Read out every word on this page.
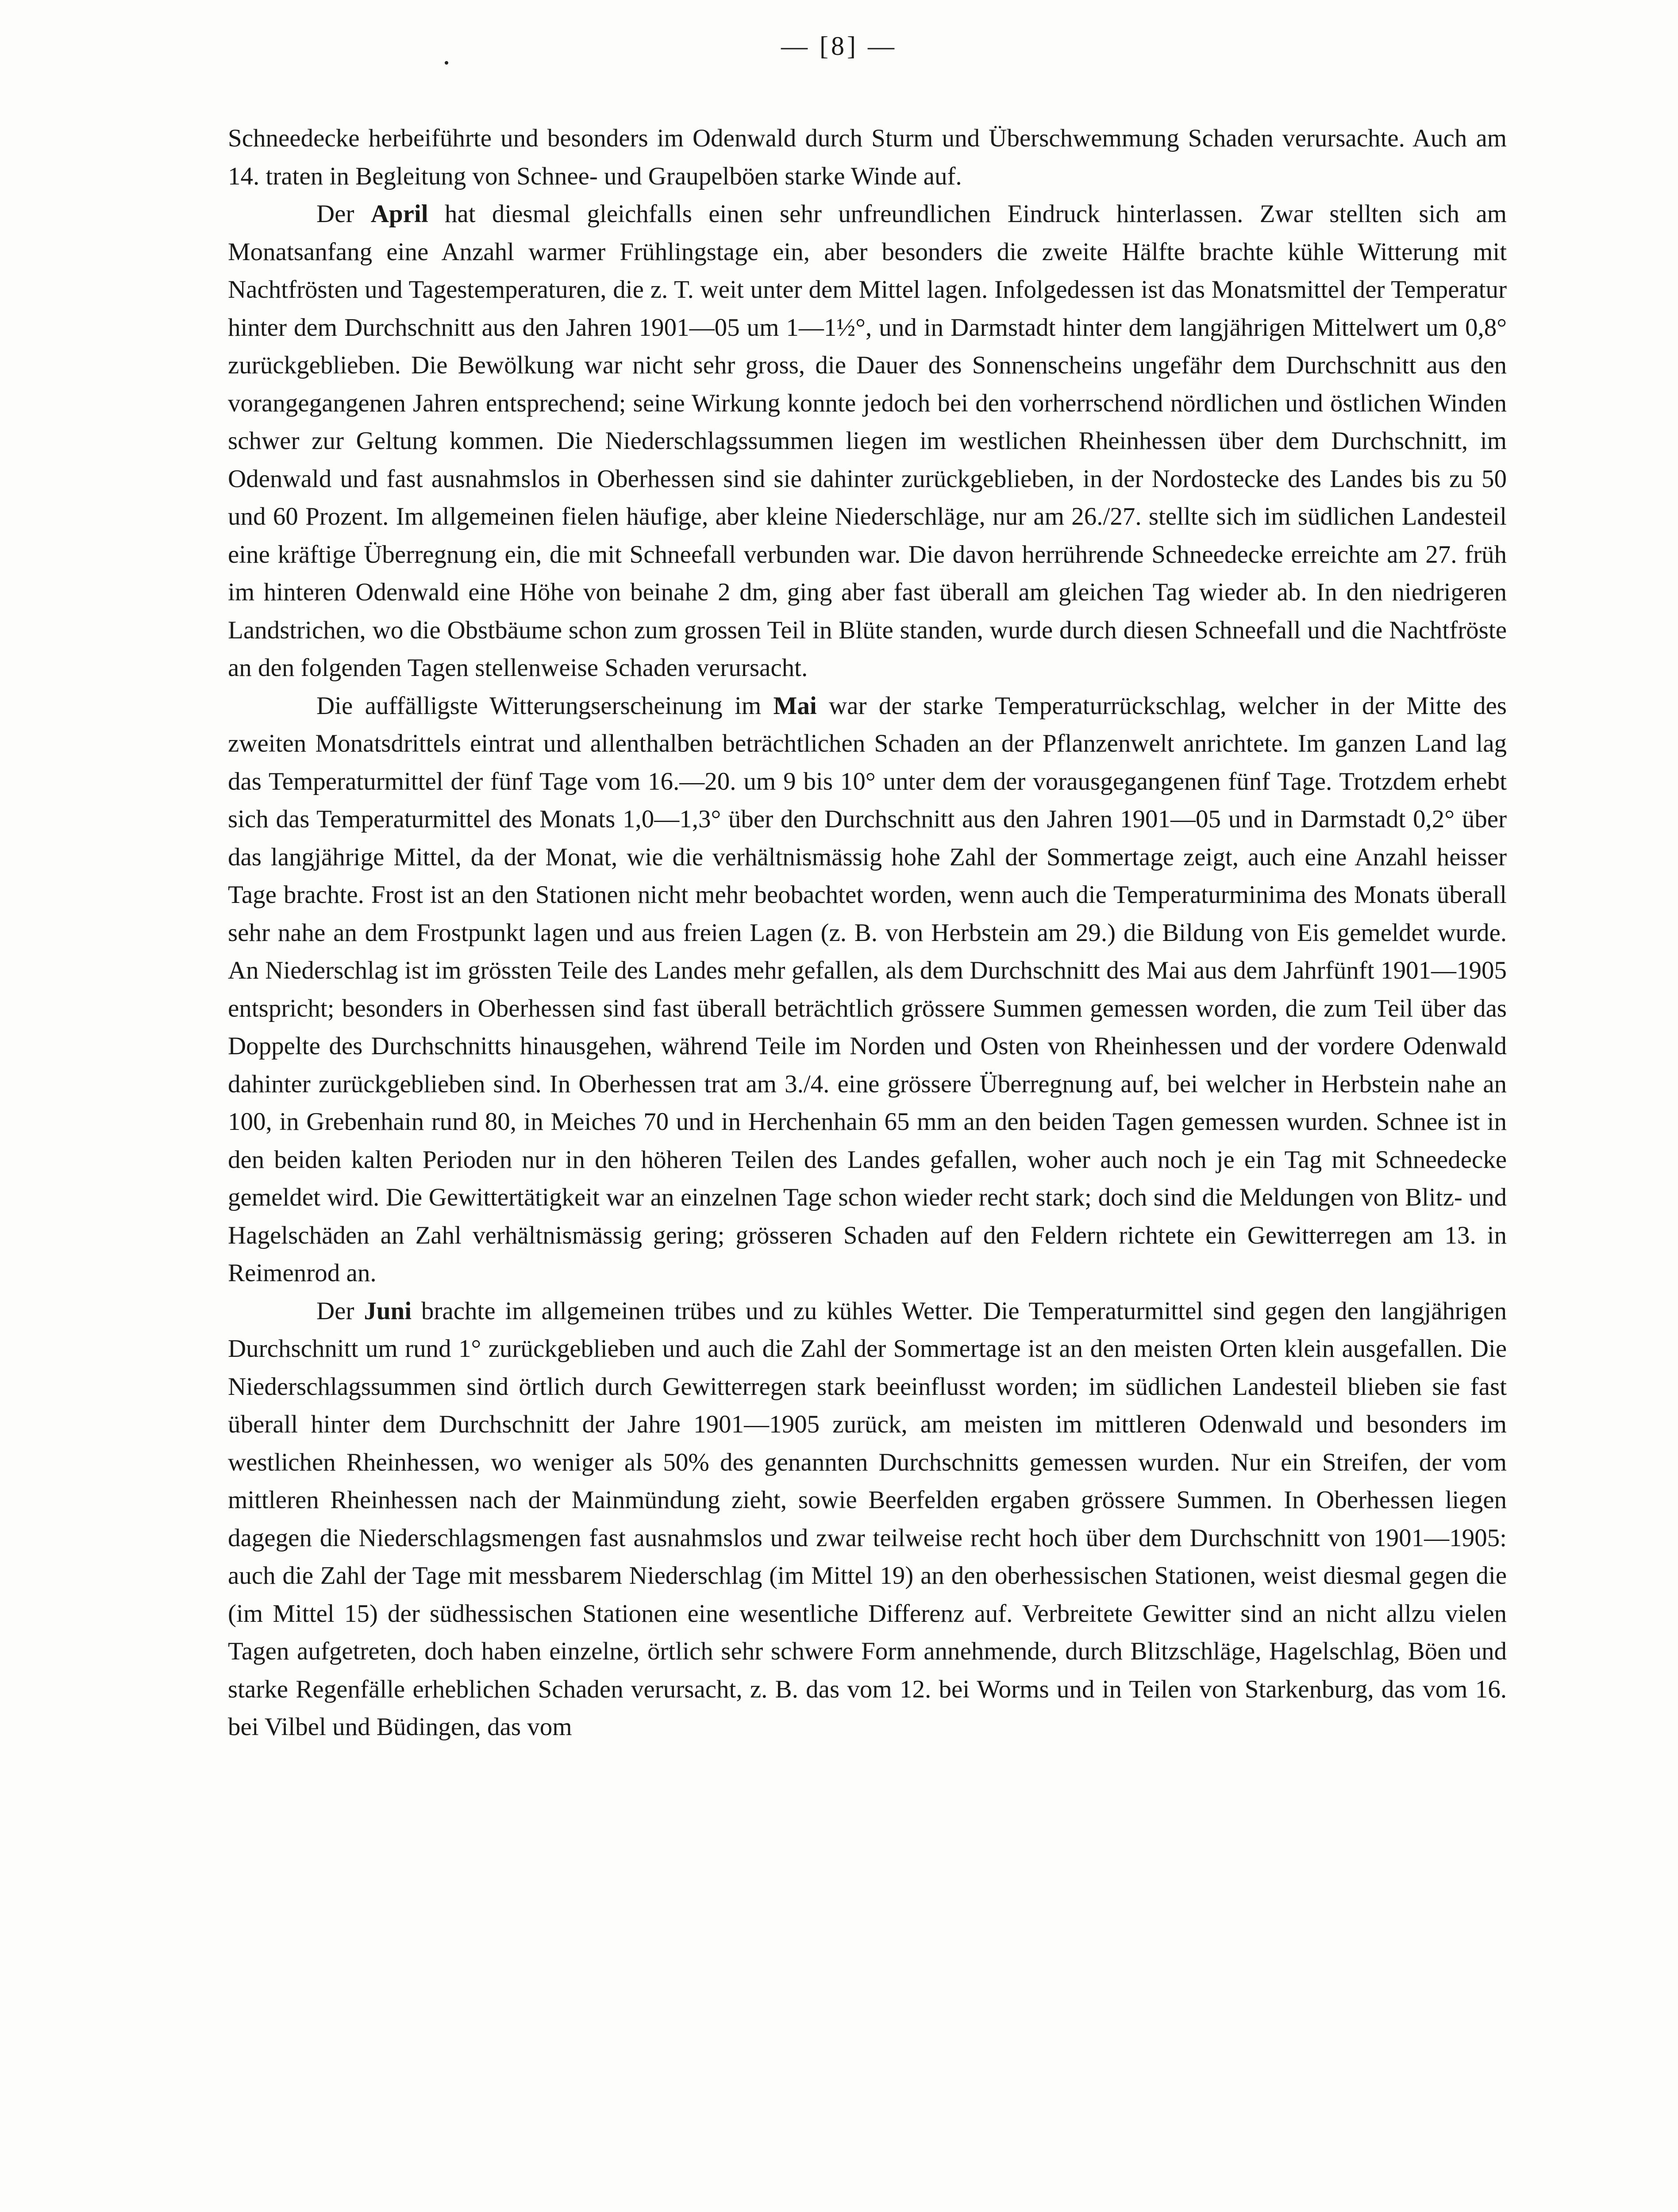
— [8] —

Schneedecke herbeiführte und besonders im Odenwald durch Sturm und Überschwemmung Schaden verursachte. Auch am 14. traten in Begleitung von Schnee- und Graupelböen starke Winde auf.

Der April hat diesmal gleichfalls einen sehr unfreundlichen Eindruck hinterlassen. Zwar stellten sich am Monatsanfang eine Anzahl warmer Frühlingstage ein, aber besonders die zweite Hälfte brachte kühle Witterung mit Nachtfrösten und Tagestemperaturen, die z. T. weit unter dem Mittel lagen. Infolgedessen ist das Monatsmittel der Temperatur hinter dem Durchschnitt aus den Jahren 1901—05 um 1—1½°, und in Darmstadt hinter dem langjährigen Mittelwert um 0,8° zurückgeblieben. Die Bewölkung war nicht sehr gross, die Dauer des Sonnenscheins ungefähr dem Durchschnitt aus den vorangegangenen Jahren entsprechend; seine Wirkung konnte jedoch bei den vorherrschend nördlichen und östlichen Winden schwer zur Geltung kommen. Die Niederschlagssummen liegen im westlichen Rheinhessen über dem Durchschnitt, im Odenwald und fast ausnahmslos in Oberhessen sind sie dahinter zurückgeblieben, in der Nordostecke des Landes bis zu 50 und 60 Prozent. Im allgemeinen fielen häufige, aber kleine Niederschläge, nur am 26./27. stellte sich im südlichen Landesteil eine kräftige Überregnung ein, die mit Schneefall verbunden war. Die davon herrührende Schneedecke erreichte am 27. früh im hinteren Odenwald eine Höhe von beinahe 2 dm, ging aber fast überall am gleichen Tag wieder ab. In den niedrigeren Landstrichen, wo die Obstbäume schon zum grossen Teil in Blüte standen, wurde durch diesen Schneefall und die Nachtfröste an den folgenden Tagen stellenweise Schaden verursacht.

Die auffälligste Witterungserscheinung im Mai war der starke Temperaturrückschlag, welcher in der Mitte des zweiten Monatsdrittels eintrat und allenthalben beträchtlichen Schaden an der Pflanzenwelt anrichtete. Im ganzen Land lag das Temperaturmittel der fünf Tage vom 16.—20. um 9 bis 10° unter dem der vorausgegangenen fünf Tage. Trotzdem erhebt sich das Temperaturmittel des Monats 1,0—1,3° über den Durchschnitt aus den Jahren 1901—05 und in Darmstadt 0,2° über das langjährige Mittel, da der Monat, wie die verhältnismässig hohe Zahl der Sommertage zeigt, auch eine Anzahl heisser Tage brachte. Frost ist an den Stationen nicht mehr beobachtet worden, wenn auch die Temperaturminima des Monats überall sehr nahe an dem Frostpunkt lagen und aus freien Lagen (z. B. von Herbstein am 29.) die Bildung von Eis gemeldet wurde. An Niederschlag ist im grössten Teile des Landes mehr gefallen, als dem Durchschnitt des Mai aus dem Jahrfünft 1901—1905 entspricht; besonders in Oberhessen sind fast überall beträchtlich grössere Summen gemessen worden, die zum Teil über das Doppelte des Durchschnitts hinausgehen, während Teile im Norden und Osten von Rheinhessen und der vordere Odenwald dahinter zurückgeblieben sind. In Oberhessen trat am 3./4. eine grössere Überregnung auf, bei welcher in Herbstein nahe an 100, in Grebenhain rund 80, in Meiches 70 und in Herchenhain 65 mm an den beiden Tagen gemessen wurden. Schnee ist in den beiden kalten Perioden nur in den höheren Teilen des Landes gefallen, woher auch noch je ein Tag mit Schneedecke gemeldet wird. Die Gewittertätigkeit war an einzelnen Tage schon wieder recht stark; doch sind die Meldungen von Blitz- und Hagelschäden an Zahl verhältnismässig gering; grösseren Schaden auf den Feldern richtete ein Gewitterregen am 13. in Reimenrod an.

Der Juni brachte im allgemeinen trübes und zu kühles Wetter. Die Temperaturmittel sind gegen den langjährigen Durchschnitt um rund 1° zurückgeblieben und auch die Zahl der Sommertage ist an den meisten Orten klein ausgefallen. Die Niederschlagssummen sind örtlich durch Gewitterregen stark beeinflusst worden; im südlichen Landesteil blieben sie fast überall hinter dem Durchschnitt der Jahre 1901—1905 zurück, am meisten im mittleren Odenwald und besonders im westlichen Rheinhessen, wo weniger als 50% des genannten Durchschnitts gemessen wurden. Nur ein Streifen, der vom mittleren Rheinhessen nach der Mainmündung zieht, sowie Beerfelden ergaben grössere Summen. In Oberhessen liegen dagegen die Niederschlagsmengen fast ausnahmslos und zwar teilweise recht hoch über dem Durchschnitt von 1901—1905: auch die Zahl der Tage mit messbarem Niederschlag (im Mittel 19) an den oberhessischen Stationen, weist diesmal gegen die (im Mittel 15) der südhessischen Stationen eine wesentliche Differenz auf. Verbreitete Gewitter sind an nicht allzu vielen Tagen aufgetreten, doch haben einzelne, örtlich sehr schwere Form annehmende, durch Blitzschläge, Hagelschlag, Böen und starke Regenfälle erheblichen Schaden verursacht, z. B. das vom 12. bei Worms und in Teilen von Starkenburg, das vom 16. bei Vilbel und Büdingen, das vom
